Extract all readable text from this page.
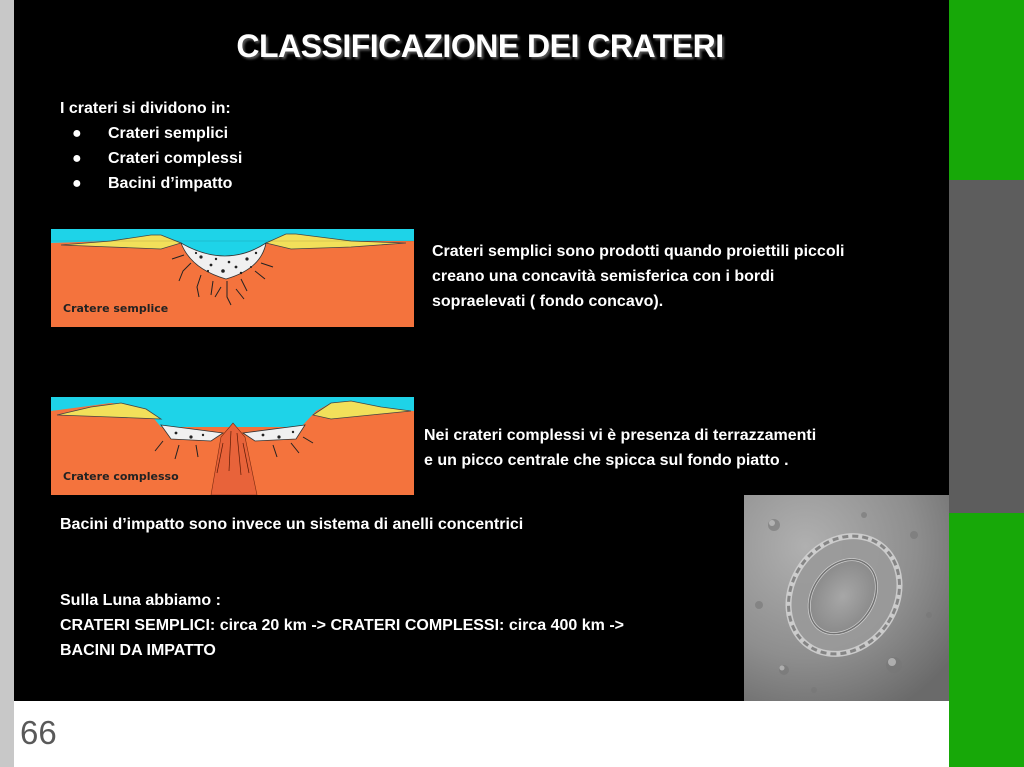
CLASSIFICAZIONE DEI CRATERI
I crateri si dividono in:
● Crateri semplici
● Crateri complessi
● Bacini d’impatto
Cratere semplice
Crateri semplici sono prodotti quando proiettili piccoli
creano una concavità semisferica con i bordi
sopraelevati ( fondo concavo).
Cratere complesso
Nei crateri complessi vi è presenza di terrazzamenti
e un picco centrale che spicca sul fondo piatto .
Bacini d’impatto sono invece un sistema di anelli concentrici
Sulla Luna abbiamo :
CRATERI SEMPLICI: circa 20 km -> CRATERI COMPLESSI: circa 400 km ->
BACINI DA IMPATTO
66
